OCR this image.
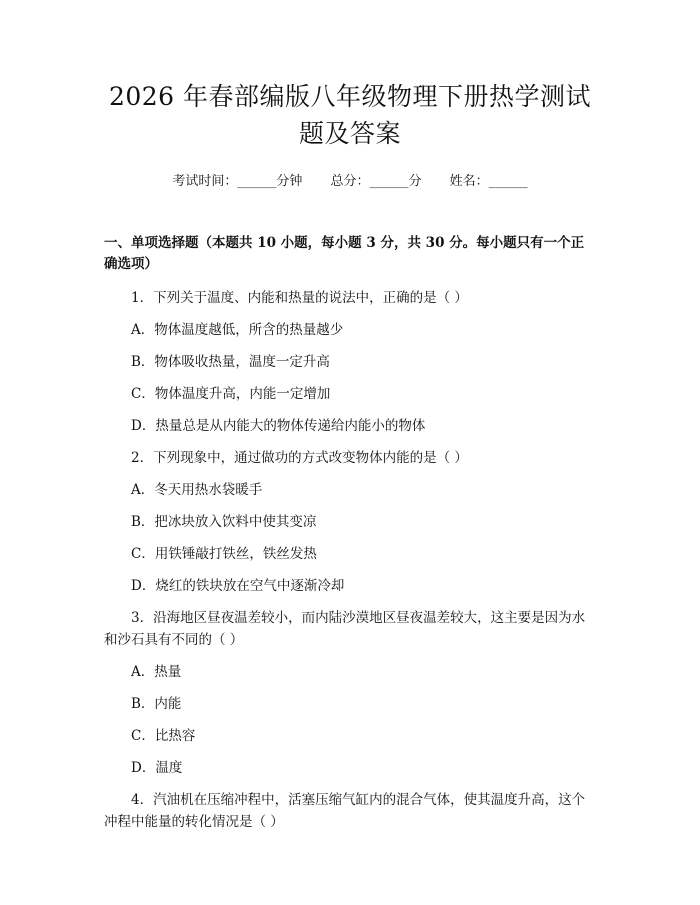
2026 年春部编版八年级物理下册热学测试题及答案
考试时间：______分钟 总分：______分 姓名：______

一、单项选择题（本题共 10 小题，每小题 3 分，共 30 分。每小题只有一个正确选项）

1．下列关于温度、内能和热量的说法中，正确的是（ ）

A．物体温度越低，所含的热量越少

B．物体吸收热量，温度一定升高

C．物体温度升高，内能一定增加

D．热量总是从内能大的物体传递给内能小的物体

2．下列现象中，通过做功的方式改变物体内能的是（ ）

A．冬天用热水袋暖手

B．把冰块放入饮料中使其变凉

C．用铁锤敲打铁丝，铁丝发热

D．烧红的铁块放在空气中逐渐冷却

3．沿海地区昼夜温差较小，而内陆沙漠地区昼夜温差较大，这主要是因为水和沙石具有不同的（ ）

A．热量

B．内能

C．比热容

D．温度

4．汽油机在压缩冲程中，活塞压缩气缸内的混合气体，使其温度升高，这个冲程中能量的转化情况是（ ）
